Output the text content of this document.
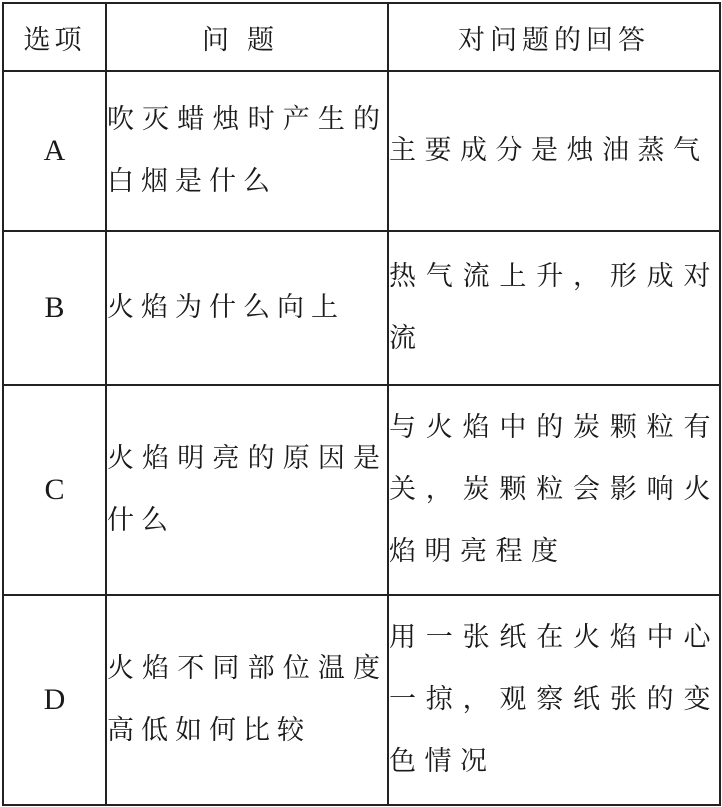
选项	问题	对问题的回答
A	吹灭蜡烛时产生的白烟是什么	主要成分是烛油蒸气
B	火焰为什么向上	热气流上升，形成对流
C	火焰明亮的原因是什么	与火焰中的炭颗粒有关，炭颗粒会影响火焰明亮程度
D	火焰不同部位温度高低如何比较	用一张纸在火焰中心一掠，观察纸张的变色情况
